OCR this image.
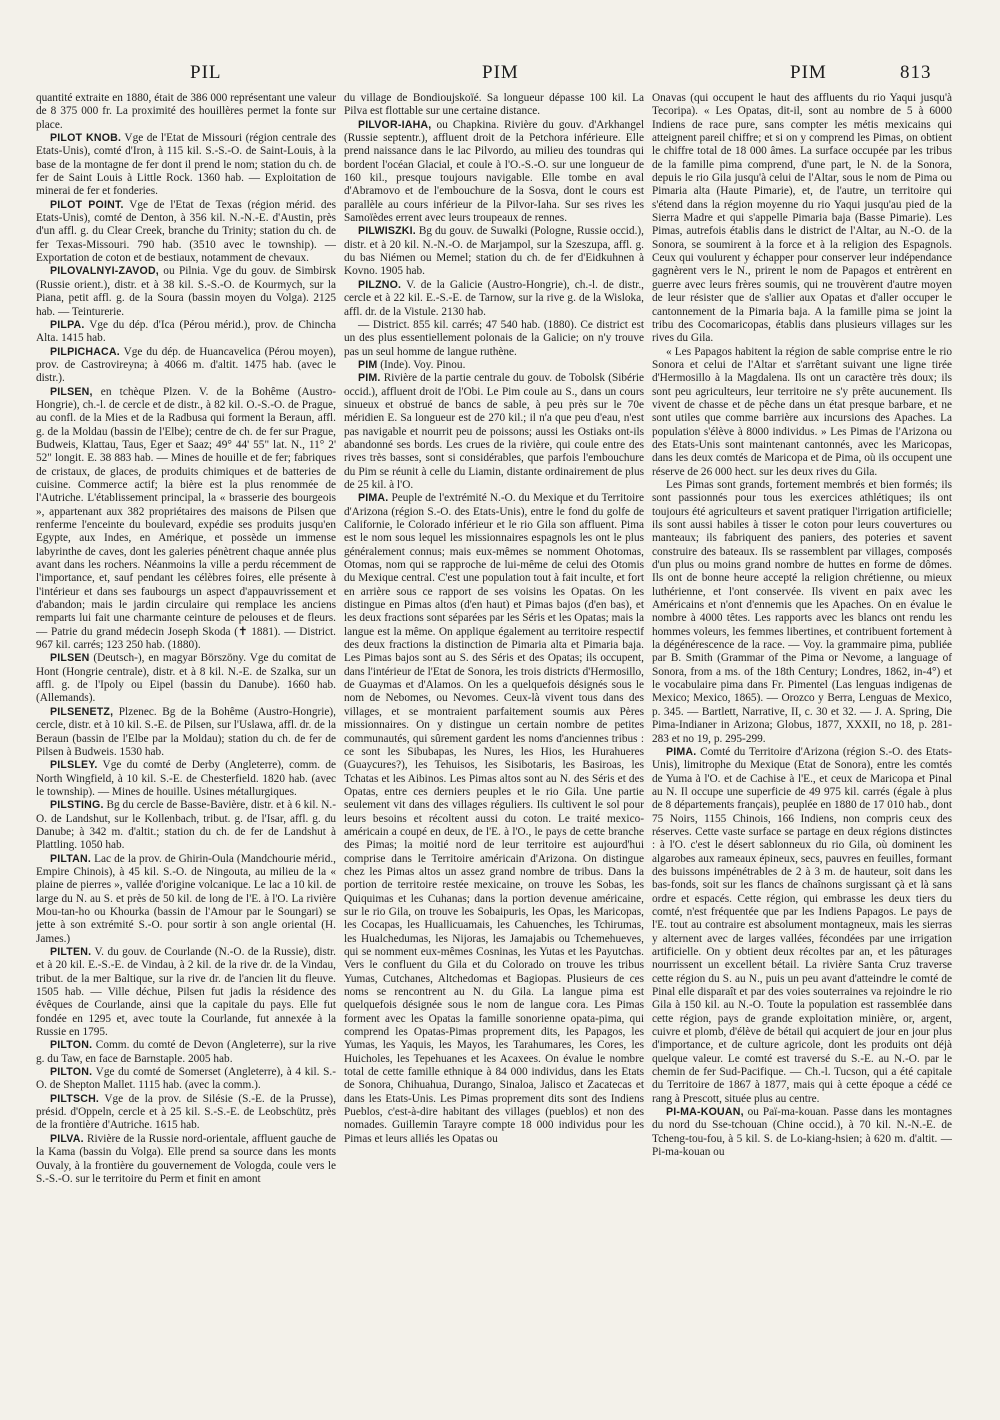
PIL	PIM	PIM	813

quantité extraite en 1880, était de 386 000 représentant une valeur de 8 375 000 fr. La proximité des houillères permet la fonte sur place.

PILOT KNOB. Vge de l'Etat de Missouri (région centrale des Etats-Unis), comté d'Iron, à 115 kil. S.-S.-O. de Saint-Louis, à la base de la montagne de fer dont il prend le nom; station du ch. de fer de Saint Louis à Little Rock. 1360 hab. — Exploitation de minerai de fer et fonderies.

PILOT POINT. Vge de l'Etat de Texas (région mérid. des Etats-Unis), comté de Denton, à 356 kil. N.-N.-E. d'Austin, près d'un affl. g. du Clear Creek, branche du Trinity; station du ch. de fer Texas-Missouri. 790 hab. (3510 avec le township). — Exportation de coton et de bestiaux, notamment de chevaux.

PILOVALNYI-ZAVOD, ou Pilnia. Vge du gouv. de Simbirsk (Russie orient.), distr. et à 38 kil. S.-S.-O. de Kourmych, sur la Piana, petit affl. g. de la Soura (bassin moyen du Volga). 2125 hab. — Teinturerie.

PILPA. Vge du dép. d'Ica (Pérou mérid.), prov. de Chincha Alta. 1415 hab.

PILPICHACA. Vge du dép. de Huancavelica (Pérou moyen), prov. de Castrovireyna; à 4066 m. d'altit. 1475 hab. (avec le distr.).

PILSEN, en tchèque Plzen. V. de la Bohême (Austro-Hongrie), ch.-l. de cercle et de distr., à 82 kil. O.-S.-O. de Prague, au confl. de la Mies et de la Radbusa qui forment la Beraun, affl. g. de la Moldau (bassin de l'Elbe); centre de ch. de fer sur Prague, Budweis, Klattau, Taus, Eger et Saaz; 49° 44' 55" lat. N., 11° 2' 52" longit. E. 38 883 hab. — Mines de houille et de fer; fabriques de cristaux, de glaces, de produits chimiques et de batteries de cuisine. Commerce actif; la bière est la plus renommée de l'Autriche. L'établissement principal, la « brasserie des bourgeois », appartenant aux 382 propriétaires des maisons de Pilsen que renferme l'enceinte du boulevard, expédie ses produits jusqu'en Egypte, aux Indes, en Amérique, et possède un immense labyrinthe de caves, dont les galeries pénètrent chaque année plus avant dans les rochers. Néanmoins la ville a perdu récemment de l'importance, et, sauf pendant les célèbres foires, elle présente à l'intérieur et dans ses faubourgs un aspect d'appauvrissement et d'abandon; mais le jardin circulaire qui remplace les anciens remparts lui fait une charmante ceinture de pelouses et de fleurs. — Patrie du grand médecin Joseph Skoda (✝ 1881). — District. 967 kil. carrés; 123 250 hab. (1880).

PILSEN (Deutsch-), en magyar Börszöny. Vge du comitat de Hont (Hongrie centrale), distr. et à 8 kil. N.-E. de Szalka, sur un affl. g. de l'Ipoly ou Eipel (bassin du Danube). 1660 hab. (Allemands).

PILSENETZ, Plzenec. Bg de la Bohême (Austro-Hongrie), cercle, distr. et à 10 kil. S.-E. de Pilsen, sur l'Uslawa, affl. dr. de la Beraun (bassin de l'Elbe par la Moldau); station du ch. de fer de Pilsen à Budweis. 1530 hab.

PILSLEY. Vge du comté de Derby (Angleterre), comm. de North Wingfield, à 10 kil. S.-E. de Chesterfield. 1820 hab. (avec le township). — Mines de houille. Usines métallurgiques.

PILSTING. Bg du cercle de Basse-Bavière, distr. et à 6 kil. N.-O. de Landshut, sur le Kollenbach, tribut. g. de l'Isar, affl. g. du Danube; à 342 m. d'altit.; station du ch. de fer de Landshut à Plattling. 1050 hab.

PILTAN. Lac de la prov. de Ghirin-Oula (Mandchourie mérid., Empire Chinois), à 45 kil. S.-O. de Ningouta, au milieu de la « plaine de pierres », vallée d'origine volcanique. Le lac a 10 kil. de large du N. au S. et près de 50 kil. de long de l'E. à l'O. La rivière Mou-tan-ho ou Khourka (bassin de l'Amour par le Soungari) se jette à son extrémité S.-O. pour sortir à son angle oriental (H. James.)

PILTEN. V. du gouv. de Courlande (N.-O. de la Russie), distr. et à 20 kil. E.-S.-E. de Vindau, à 2 kil. de la rive dr. de la Vindau, tribut. de la mer Baltique, sur la rive dr. de l'ancien lit du fleuve. 1505 hab. — Ville déchue, Pilsen fut jadis la résidence des évêques de Courlande, ainsi que la capitale du pays. Elle fut fondée en 1295 et, avec toute la Courlande, fut annexée à la Russie en 1795.

PILTON. Comm. du comté de Devon (Angleterre), sur la rive g. du Taw, en face de Barnstaple. 2005 hab.

PILTON. Vge du comté de Somerset (Angleterre), à 4 kil. S.-O. de Shepton Mallet. 1115 hab. (avec la comm.).

PILTSCH. Vge de la prov. de Silésie (S.-E. de la Prusse), présid. d'Oppeln, cercle et à 25 kil. S.-S.-E. de Leobschütz, près de la frontière d'Autriche. 1615 hab.

PILVA. Rivière de la Russie nord-orientale, affluent gauche de la Kama (bassin du Volga). Elle prend sa source dans les monts Ouvaly, à la frontière du gouvernement de Vologda, coule vers le S.-S.-O. sur le territoire du Perm et finit en amont

du village de Bondioujskoïé. Sa longueur dépasse 100 kil. La Pilva est flottable sur une certaine distance.

PILVOR-IAHA, ou Chapkina. Rivière du gouv. d'Arkhangel (Russie septentr.), affluent droit de la Petchora inférieure. Elle prend naissance dans le lac Pilvordo, au milieu des toundras qui bordent l'océan Glacial, et coule à l'O.-S.-O. sur une longueur de 160 kil., presque toujours navigable. Elle tombe en aval d'Abramovo et de l'embouchure de la Sosva, dont le cours est parallèle au cours inférieur de la Pilvor-Iaha. Sur ses rives les Samoïèdes errent avec leurs troupeaux de rennes.

PILWISZKI. Bg du gouv. de Suwalki (Pologne, Russie occid.), distr. et à 20 kil. N.-N.-O. de Marjampol, sur la Szeszupa, affl. g. du bas Niémen ou Memel; station du ch. de fer d'Eidkuhnen à Kovno. 1905 hab.

PILZNO. V. de la Galicie (Austro-Hongrie), ch.-l. de distr., cercle et à 22 kil. E.-S.-E. de Tarnow, sur la rive g. de la Wisloka, affl. dr. de la Vistule. 2130 hab.

— District. 855 kil. carrés; 47 540 hab. (1880). Ce district est un des plus essentiellement polonais de la Galicie; on n'y trouve pas un seul homme de langue ruthène.

PIM (Inde). Voy. Pinou.

PIM. Rivière de la partie centrale du gouv. de Tobolsk (Sibérie occid.), affluent droit de l'Obi. Le Pim coule au S., dans un cours sinueux et obstrué de bancs de sable, à peu près sur le 70e méridien E. Sa longueur est de 270 kil.; il n'a que peu d'eau, n'est pas navigable et nourrit peu de poissons; aussi les Ostiaks ont-ils abandonné ses bords. Les crues de la rivière, qui coule entre des rives très basses, sont si considérables, que parfois l'embouchure du Pim se réunit à celle du Liamin, distante ordinairement de plus de 25 kil. à l'O.

PIMA. Peuple de l'extrémité N.-O. du Mexique et du Territoire d'Arizona (région S.-O. des Etats-Unis), entre le fond du golfe de Californie, le Colorado inférieur et le rio Gila son affluent. Pima est le nom sous lequel les missionnaires espagnols les ont le plus généralement connus; mais eux-mêmes se nomment Ohotomas, Otomas, nom qui se rapproche de lui-même de celui des Otomis du Mexique central. C'est une population tout à fait inculte, et fort en arrière sous ce rapport de ses voisins les Opatas. On les distingue en Pimas altos (d'en haut) et Pimas bajos (d'en bas), et les deux fractions sont séparées par les Séris et les Opatas; mais la langue est la même. On applique également au territoire respectif des deux fractions la distinction de Pimaria alta et Pimaria baja. Les Pimas bajos sont au S. des Séris et des Opatas; ils occupent, dans l'intérieur de l'Etat de Sonora, les trois districts d'Hermosillo, de Guaymas et d'Alamos. On les a quelquefois désignés sous le nom de Nebomes, ou Nevomes. Ceux-là vivent tous dans des villages, et se montraient parfaitement soumis aux Pères missionnaires. On y distingue un certain nombre de petites communautés, qui sûrement gardent les noms d'anciennes tribus : ce sont les Sibubapas, les Nures, les Hios, les Hurahueres (Guaycures?), les Tehuisos, les Sisibotaris, les Basiroas, les Tchatas et les Aibinos. Les Pimas altos sont au N. des Séris et des Opatas, entre ces derniers peuples et le rio Gila. Une partie seulement vit dans des villages réguliers. Ils cultivent le sol pour leurs besoins et récoltent aussi du coton. Le traité mexico-américain a coupé en deux, de l'E. à l'O., le pays de cette branche des Pimas; la moitié nord de leur territoire est aujourd'hui comprise dans le Territoire américain d'Arizona. On distingue chez les Pimas altos un assez grand nombre de tribus. Dans la portion de territoire restée mexicaine, on trouve les Sobas, les Quiquimas et les Cuhanas; dans la portion devenue américaine, sur le rio Gila, on trouve les Sobaipuris, les Opas, les Maricopas, les Cocapas, les Huallicuamais, les Cahuenches, les Tchirumas, les Hualchedumas, les Nijoras, les Jamajabis ou Tchemehueves, qui se nomment eux-mêmes Cosninas, les Yutas et les Payutchas. Vers le confluent du Gila et du Colorado on trouve les tribus Yumas, Cutchanes, Altchedomas et Bagiopas. Plusieurs de ces noms se rencontrent au N. du Gila. La langue pima est quelquefois désignée sous le nom de langue cora. Les Pimas forment avec les Opatas la famille sonorienne opata-pima, qui comprend les Opatas-Pimas proprement dits, les Papagos, les Yumas, les Yaquis, les Mayos, les Tarahumares, les Cores, les Huicholes, les Tepehuanes et les Acaxees. On évalue le nombre total de cette famille ethnique à 84 000 individus, dans les Etats de Sonora, Chihuahua, Durango, Sinaloa, Jalisco et Zacatecas et dans les Etats-Unis. Les Pimas proprement dits sont des Indiens Pueblos, c'est-à-dire habitant des villages (pueblos) et non des nomades. Guillemin Tarayre compte 18 000 individus pour les Pimas et leurs alliés les Opatas ou

Onavas (qui occupent le haut des affluents du rio Yaqui jusqu'à Tecoripa). « Les Opatas, dit-il, sont au nombre de 5 à 6000 Indiens de race pure, sans compter les métis mexicains qui atteignent pareil chiffre; et si on y comprend les Pimas, on obtient le chiffre total de 18 000 âmes. La surface occupée par les tribus de la famille pima comprend, d'une part, le N. de la Sonora, depuis le rio Gila jusqu'à celui de l'Altar, sous le nom de Pima ou Pimaria alta (Haute Pimarie), et, de l'autre, un territoire qui s'étend dans la région moyenne du rio Yaqui jusqu'au pied de la Sierra Madre et qui s'appelle Pimaria baja (Basse Pimarie). Les Pimas, autrefois établis dans le district de l'Altar, au N.-O. de la Sonora, se soumirent à la force et à la religion des Espagnols. Ceux qui voulurent y échapper pour conserver leur indépendance gagnèrent vers le N., prirent le nom de Papagos et entrèrent en guerre avec leurs frères soumis, qui ne trouvèrent d'autre moyen de leur résister que de s'allier aux Opatas et d'aller occuper le cantonnement de la Pimaria baja. A la famille pima se joint la tribu des Cocomaricopas, établis dans plusieurs villages sur les rives du Gila.

« Les Papagos habitent la région de sable comprise entre le rio Sonora et celui de l'Altar et s'arrêtant suivant une ligne tirée d'Hermosillo à la Magdalena. Ils ont un caractère très doux; ils sont peu agriculteurs, leur territoire ne s'y prête aucunement. Ils vivent de chasse et de pêche dans un état presque barbare, et ne sont utiles que comme barrière aux incursions des Apaches. La population s'élève à 8000 individus. » Les Pimas de l'Arizona ou des Etats-Unis sont maintenant cantonnés, avec les Maricopas, dans les deux comtés de Maricopa et de Pima, où ils occupent une réserve de 26 000 hect. sur les deux rives du Gila.

Les Pimas sont grands, fortement membrés et bien formés; ils sont passionnés pour tous les exercices athlétiques; ils ont toujours été agriculteurs et savent pratiquer l'irrigation artificielle; ils sont aussi habiles à tisser le coton pour leurs couvertures ou manteaux; ils fabriquent des paniers, des poteries et savent construire des bateaux. Ils se rassemblent par villages, composés d'un plus ou moins grand nombre de huttes en forme de dômes. Ils ont de bonne heure accepté la religion chrétienne, ou mieux luthérienne, et l'ont conservée. Ils vivent en paix avec les Américains et n'ont d'ennemis que les Apaches. On en évalue le nombre à 4000 têtes. Les rapports avec les blancs ont rendu les hommes voleurs, les femmes libertines, et contribuent fortement à la dégénérescence de la race. — Voy. la grammaire pima, publiée par B. Smith (Grammar of the Pima or Nevome, a language of Sonora, from a ms. of the 18th Century; Londres, 1862, in-4°) et le vocabulaire pima dans Fr. Pimentel (Las lenguas indigenas de Mexico; Mexico, 1865). — Orozco y Berra, Lenguas de Mexico, p. 345. — Bartlett, Narrative, II, c. 30 et 32. — J. A. Spring, Die Pima-Indianer in Arizona; Globus, 1877, XXXII, no 18, p. 281-283 et no 19, p. 295-299.

PIMA. Comté du Territoire d'Arizona (région S.-O. des Etats-Unis), limitrophe du Mexique (Etat de Sonora), entre les comtés de Yuma à l'O. et de Cachise à l'E., et ceux de Maricopa et Pinal au N. Il occupe une superficie de 49 975 kil. carrés (égale à plus de 8 départements français), peuplée en 1880 de 17 010 hab., dont 75 Noirs, 1155 Chinois, 166 Indiens, non compris ceux des réserves. Cette vaste surface se partage en deux régions distinctes : à l'O. c'est le désert sablonneux du rio Gila, où dominent les algarobes aux rameaux épineux, secs, pauvres en feuilles, formant des buissons impénétrables de 2 à 3 m. de hauteur, soit dans les bas-fonds, soit sur les flancs de chaînons surgissant çà et là sans ordre et espacés. Cette région, qui embrasse les deux tiers du comté, n'est fréquentée que par les Indiens Papagos. Le pays de l'E. tout au contraire est absolument montagneux, mais les sierras y alternent avec de larges vallées, fécondées par une irrigation artificielle. On y obtient deux récoltes par an, et les pâturages nourrissent un excellent bétail. La rivière Santa Cruz traverse cette région du S. au N., puis un peu avant d'atteindre le comté de Pinal elle disparaît et par des voies souterraines va rejoindre le rio Gila à 150 kil. au N.-O. Toute la population est rassemblée dans cette région, pays de grande exploitation minière, or, argent, cuivre et plomb, d'élève de bétail qui acquiert de jour en jour plus d'importance, et de culture agricole, dont les produits ont déjà quelque valeur. Le comté est traversé du S.-E. au N.-O. par le chemin de fer Sud-Pacifique. — Ch.-l. Tucson, qui a été capitale du Territoire de 1867 à 1877, mais qui à cette époque a cédé ce rang à Prescott, située plus au centre.

PI-MA-KOUAN, ou Paï-ma-kouan. Passe dans les montagnes du nord du Sse-tchouan (Chine occid.), à 70 kil. N.-N.-E. de Tcheng-tou-fou, à 5 kil. S. de Lo-kiang-hsien; à 620 m. d'altit. — Pi-ma-kouan ou
